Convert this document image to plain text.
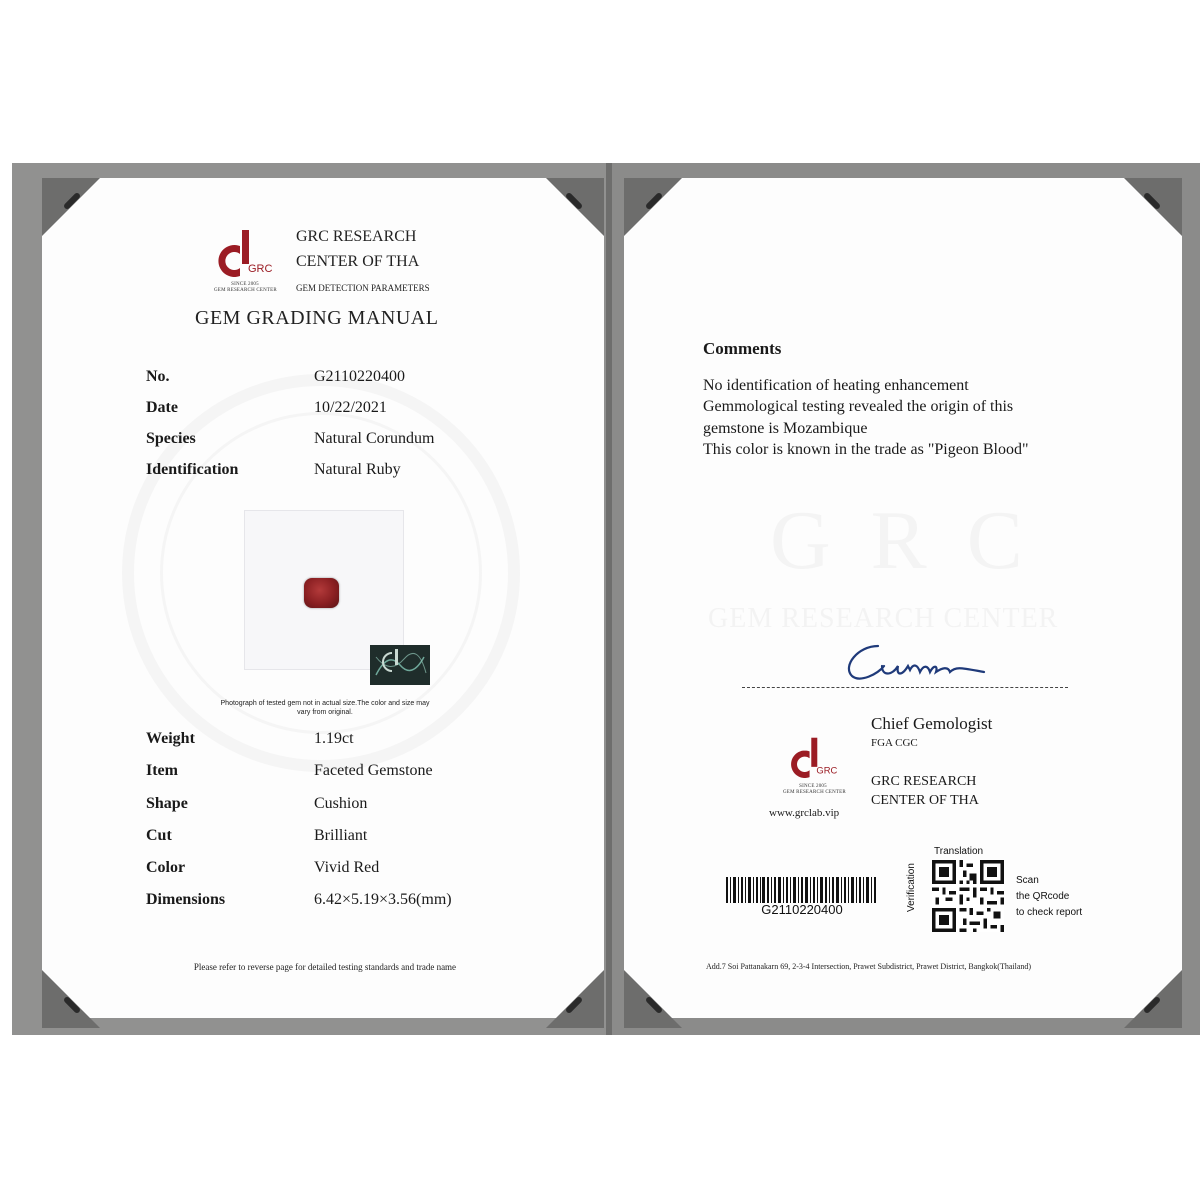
GRC
SINCE 2005
GEM RESEARCH CENTER
GRC RESEARCH
CENTER OF THA
GEM DETECTION PARAMETERS
GEM GRADING MANUAL
No.	G2110220400
Date	10/22/2021
Species	Natural Corundum
Identification	Natural Ruby
Photograph of tested gem not in actual size.The color and size may vary from original.
Weight	1.19ct
Item	Faceted Gemstone
Shape	Cushion
Cut	Brilliant
Color	Vivid Red
Dimensions	6.42×5.19×3.56(mm)
Please refer to reverse page for detailed testing standards and trade name
Comments
No identification of heating enhancement
Gemmological testing revealed the origin of this
gemstone is Mozambique
This color is known in the trade as "Pigeon Blood"
GRC
GEM RESEARCH CENTER
Chief Gemologist
FGA CGC
GRC
SINCE 2005
GEM RESEARCH CENTER
GRC RESEARCH
CENTER OF THA
www.grclab.vip
G2110220400
Translation
Verification	Scan
the QRcode
to check report
Add.7 Soi Pattanakarn 69, 2-3-4 Intersection, Prawet Subdistrict, Prawet District, Bangkok(Thailand)
